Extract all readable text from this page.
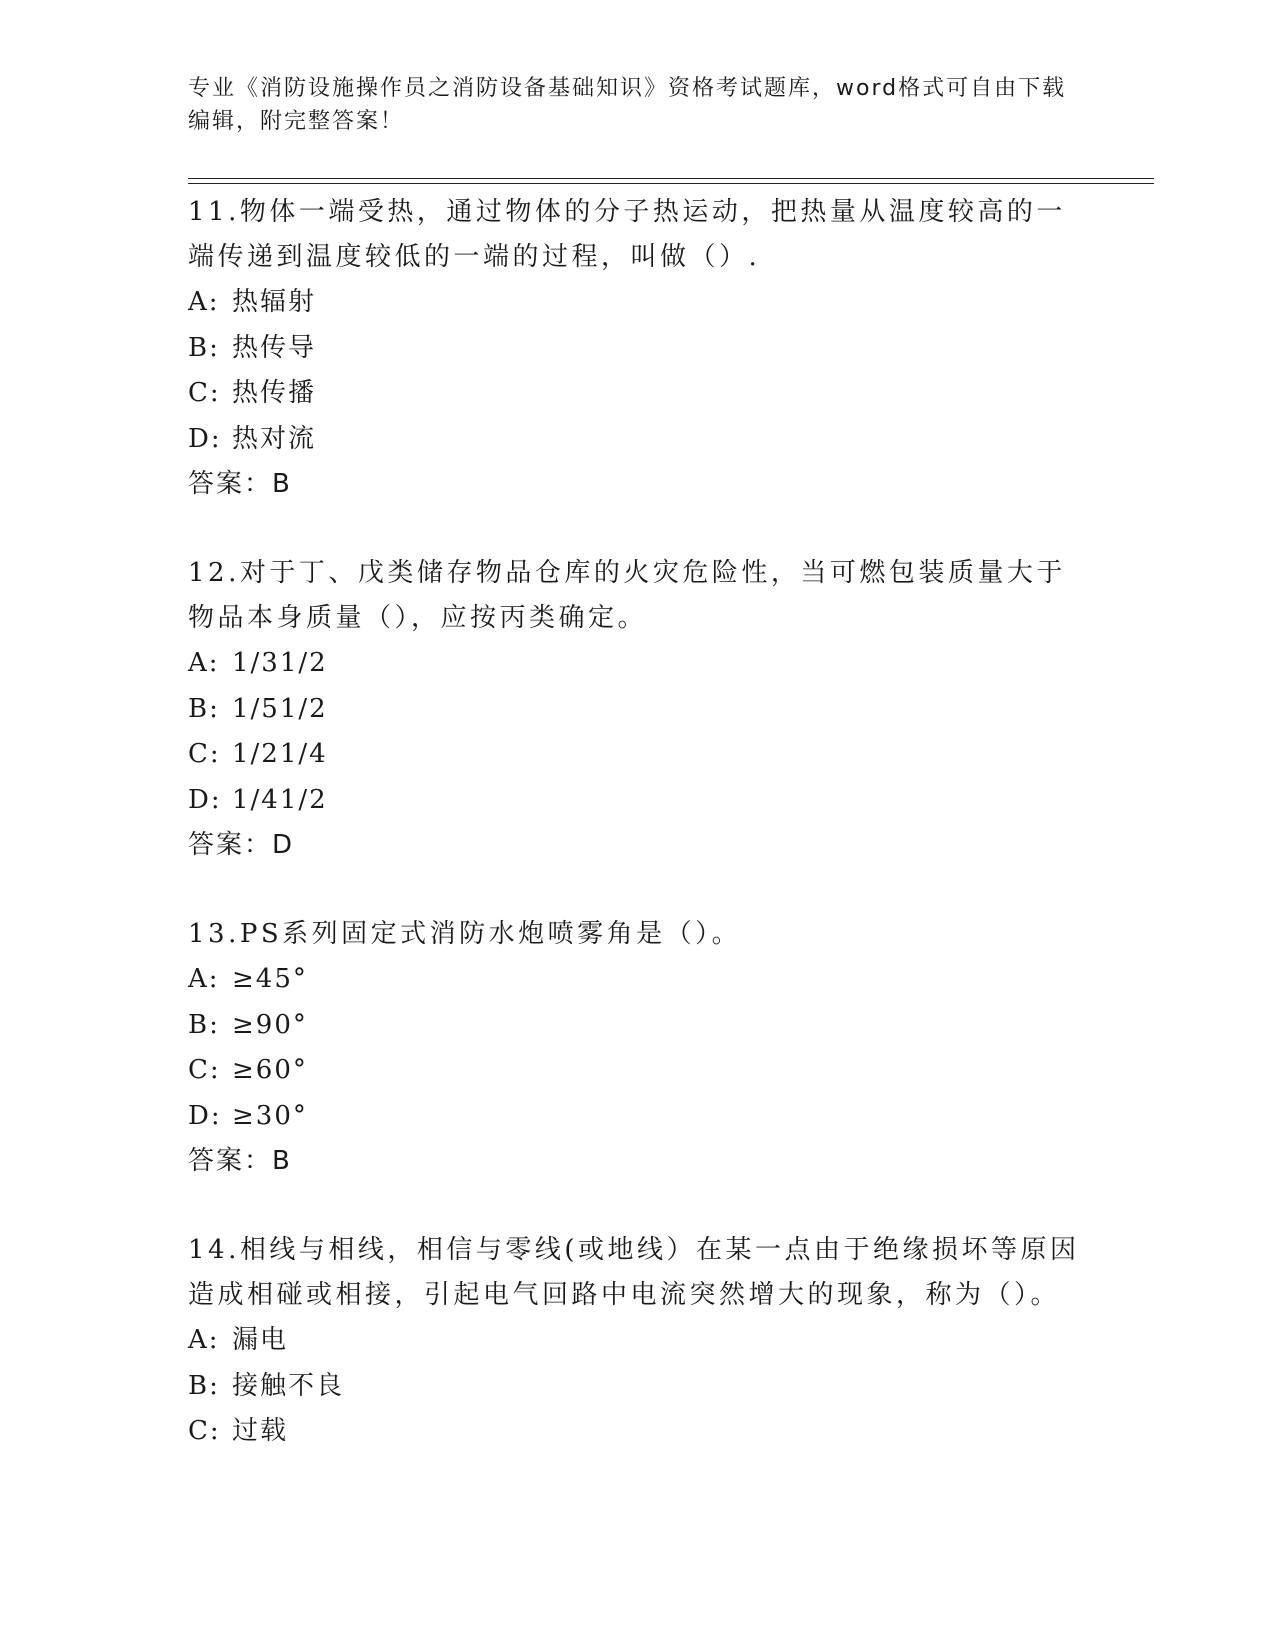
专业《消防设施操作员之消防设备基础知识》资格考试题库，word格式可自由下载编辑，附完整答案！

11.物体一端受热，通过物体的分子热运动，把热量从温度较高的一端传递到温度较低的一端的过程，叫做（）.

A: 热辐射

B: 热传导

C: 热传播

D: 热对流

答案：B

12.对于丁、戊类储存物品仓库的火灾危险性，当可燃包装质量大于物品本身质量（），应按丙类确定。

A: 1/31/2

B: 1/51/2

C: 1/21/4

D: 1/41/2

答案：D

13.PS系列固定式消防水炮喷雾角是（）。

A: ≥45°

B: ≥90°

C: ≥60°

D: ≥30°

答案：B

14.相线与相线，相信与零线(或地线）在某一点由于绝缘损坏等原因造成相碰或相接，引起电气回路中电流突然增大的现象，称为（）。

A: 漏电

B: 接触不良

C: 过载
